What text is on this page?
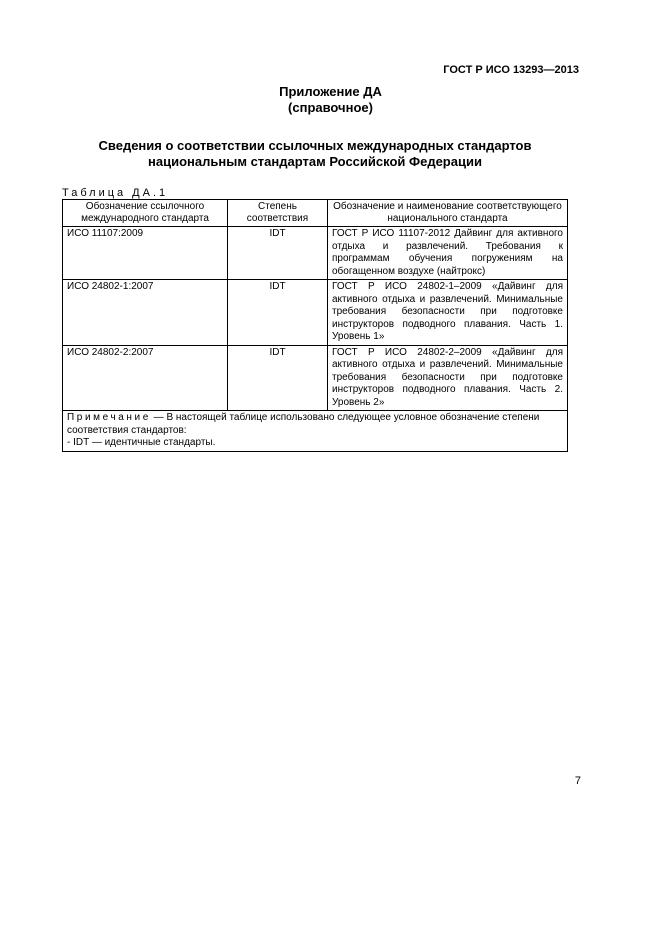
ГОСТ Р ИСО 13293—2013
Приложение ДА
(справочное)
Сведения о соответствии ссылочных международных стандартов
национальным стандартам Российской Федерации
Таблица ДА.1
Обозначение ссылочного международного стандарта	Степень соответствия	Обозначение и наименование соответствующего национального стандарта
ИСО 11107:2009	IDT	ГОСТ Р ИСО 11107-2012 Дайвинг для активного отдыха и развлечений. Требования к программам обучения погружениям на обогащенном воздухе (найтрокс)
ИСО 24802-1:2007	IDT	ГОСТ Р ИСО 24802-1–2009 «Дайвинг для активного отдыха и развлечений. Минимальные требования безопасности при подготовке инструкторов подводного плавания. Часть 1. Уровень 1»
ИСО 24802-2:2007	IDT	ГОСТ Р ИСО 24802-2–2009 «Дайвинг для активного отдыха и развлечений. Минимальные требования безопасности при подготовке инструкторов подводного плавания. Часть 2. Уровень 2»
Примечание — В настоящей таблице использовано следующее условное обозначение степени соответствия стандартов:
- IDT — идентичные стандарты.		
7
